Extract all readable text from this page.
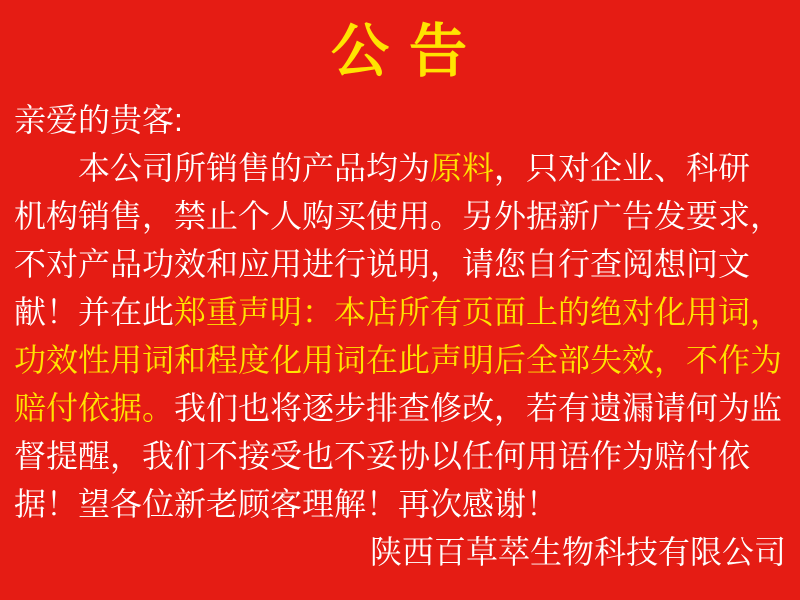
公 告
亲爱的贵客:
本公司所销售的产品均为原料，只对企业、科研
机构销售，禁止个人购买使用。另外据新广告发要求，
不对产品功效和应用进行说明，请您自行查阅想问文
献！并在此郑重声明：本店所有页面上的绝对化用词，
功效性用词和程度化用词在此声明后全部失效，不作为
赔付依据。我们也将逐步排查修改，若有遗漏请何为监
督提醒，我们不接受也不妥协以任何用语作为赔付依
据！望各位新老顾客理解！再次感谢！
陕西百草萃生物科技有限公司
